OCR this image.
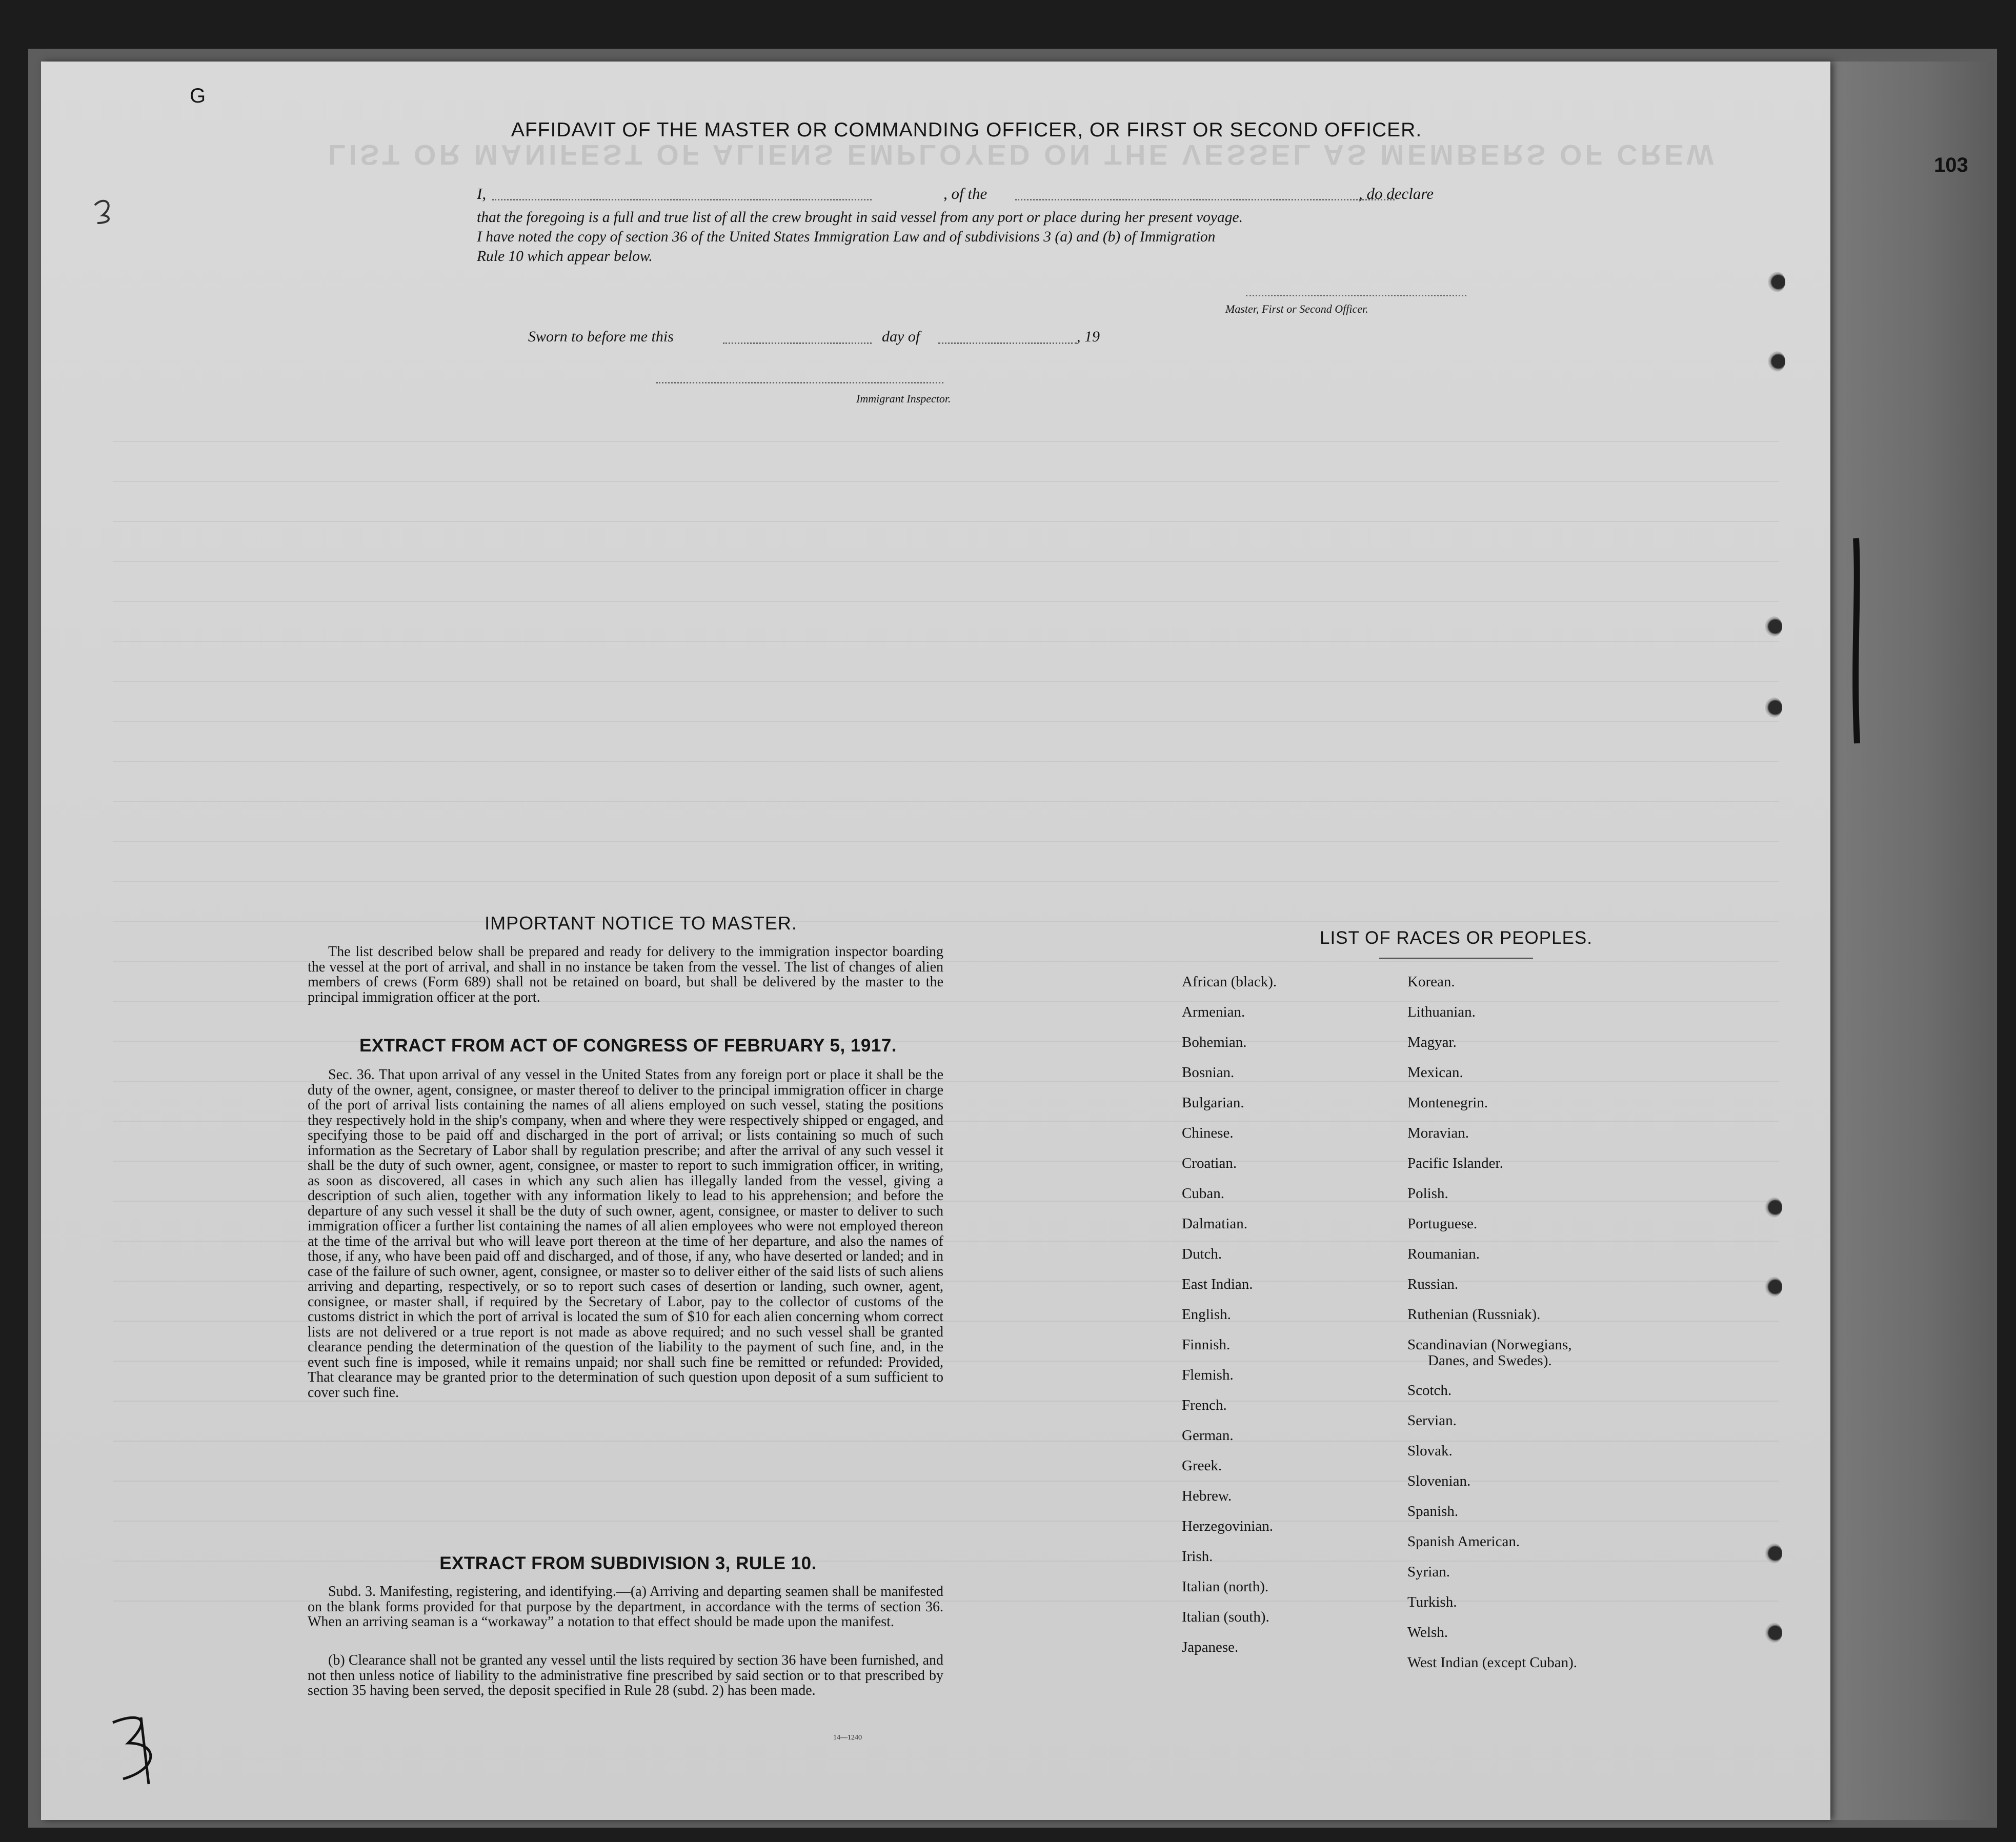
LIST OR MANIFEST OF ALIENS EMPLOYED ON THE VESSEL AS MEMBERS OF CREW
G
103
AFFIDAVIT OF THE MASTER OR COMMANDING OFFICER, OR FIRST OR SECOND OFFICER.
I,	, of the	, do declare
that the foregoing is a full and true list of all the crew brought in said vessel from any port or place during her present voyage.
I have noted the copy of section 36 of the United States Immigration Law and of subdivisions 3 (a) and (b) of Immigration
Rule 10 which appear below.
Master, First or Second Officer.
Sworn to before me this	day of	, 19
Immigrant Inspector.
IMPORTANT NOTICE TO MASTER.
The list described below shall be prepared and ready for delivery to the immigration inspector boarding the vessel at the port of arrival, and shall in no instance be taken from the vessel. The list of changes of alien members of crews (Form 689) shall not be retained on board, but shall be delivered by the master to the principal immigration officer at the port.
EXTRACT FROM ACT OF CONGRESS OF FEBRUARY 5, 1917.
Sec. 36. That upon arrival of any vessel in the United States from any foreign port or place it shall be the duty of the owner, agent, consignee, or master thereof to deliver to the principal immigration officer in charge of the port of arrival lists containing the names of all aliens employed on such vessel, stating the positions they respectively hold in the ship's company, when and where they were respectively shipped or engaged, and specifying those to be paid off and discharged in the port of arrival; or lists containing so much of such information as the Secretary of Labor shall by regulation prescribe; and after the arrival of any such vessel it shall be the duty of such owner, agent, consignee, or master to report to such immigration officer, in writing, as soon as discovered, all cases in which any such alien has illegally landed from the vessel, giving a description of such alien, together with any information likely to lead to his apprehension; and before the departure of any such vessel it shall be the duty of such owner, agent, consignee, or master to deliver to such immigration officer a further list containing the names of all alien employees who were not employed thereon at the time of the arrival but who will leave port thereon at the time of her departure, and also the names of those, if any, who have been paid off and discharged, and of those, if any, who have deserted or landed; and in case of the failure of such owner, agent, consignee, or master so to deliver either of the said lists of such aliens arriving and departing, respectively, or so to report such cases of desertion or landing, such owner, agent, consignee, or master shall, if required by the Secretary of Labor, pay to the collector of customs of the customs district in which the port of arrival is located the sum of $10 for each alien concerning whom correct lists are not delivered or a true report is not made as above required; and no such vessel shall be granted clearance pending the determination of the question of the liability to the payment of such fine, and, in the event such fine is imposed, while it remains unpaid; nor shall such fine be remitted or refunded: Provided, That clearance may be granted prior to the determination of such question upon deposit of a sum sufficient to cover such fine.
EXTRACT FROM SUBDIVISION 3, RULE 10.
Subd. 3. Manifesting, registering, and identifying.—(a) Arriving and departing seamen shall be manifested on the blank forms provided for that purpose by the department, in accordance with the terms of section 36. When an arriving seaman is a “workaway” a notation to that effect should be made upon the manifest.
(b) Clearance shall not be granted any vessel until the lists required by section 36 have been furnished, and not then unless notice of liability to the administrative fine prescribed by said section or to that prescribed by section 35 having been served, the deposit specified in Rule 28 (subd. 2) has been made.
14—1240
LIST OF RACES OR PEOPLES.
African (black).
Armenian.
Bohemian.
Bosnian.
Bulgarian.
Chinese.
Croatian.
Cuban.
Dalmatian.
Dutch.
East Indian.
English.
Finnish.
Flemish.
French.
German.
Greek.
Hebrew.
Herzegovinian.
Irish.
Italian (north).
Italian (south).
Japanese.
Korean.
Lithuanian.
Magyar.
Mexican.
Montenegrin.
Moravian.
Pacific Islander.
Polish.
Portuguese.
Roumanian.
Russian.
Ruthenian (Russniak).
Scandinavian (Norwegians,
Danes, and Swedes).
Scotch.
Servian.
Slovak.
Slovenian.
Spanish.
Spanish American.
Syrian.
Turkish.
Welsh.
West Indian (except Cuban).
